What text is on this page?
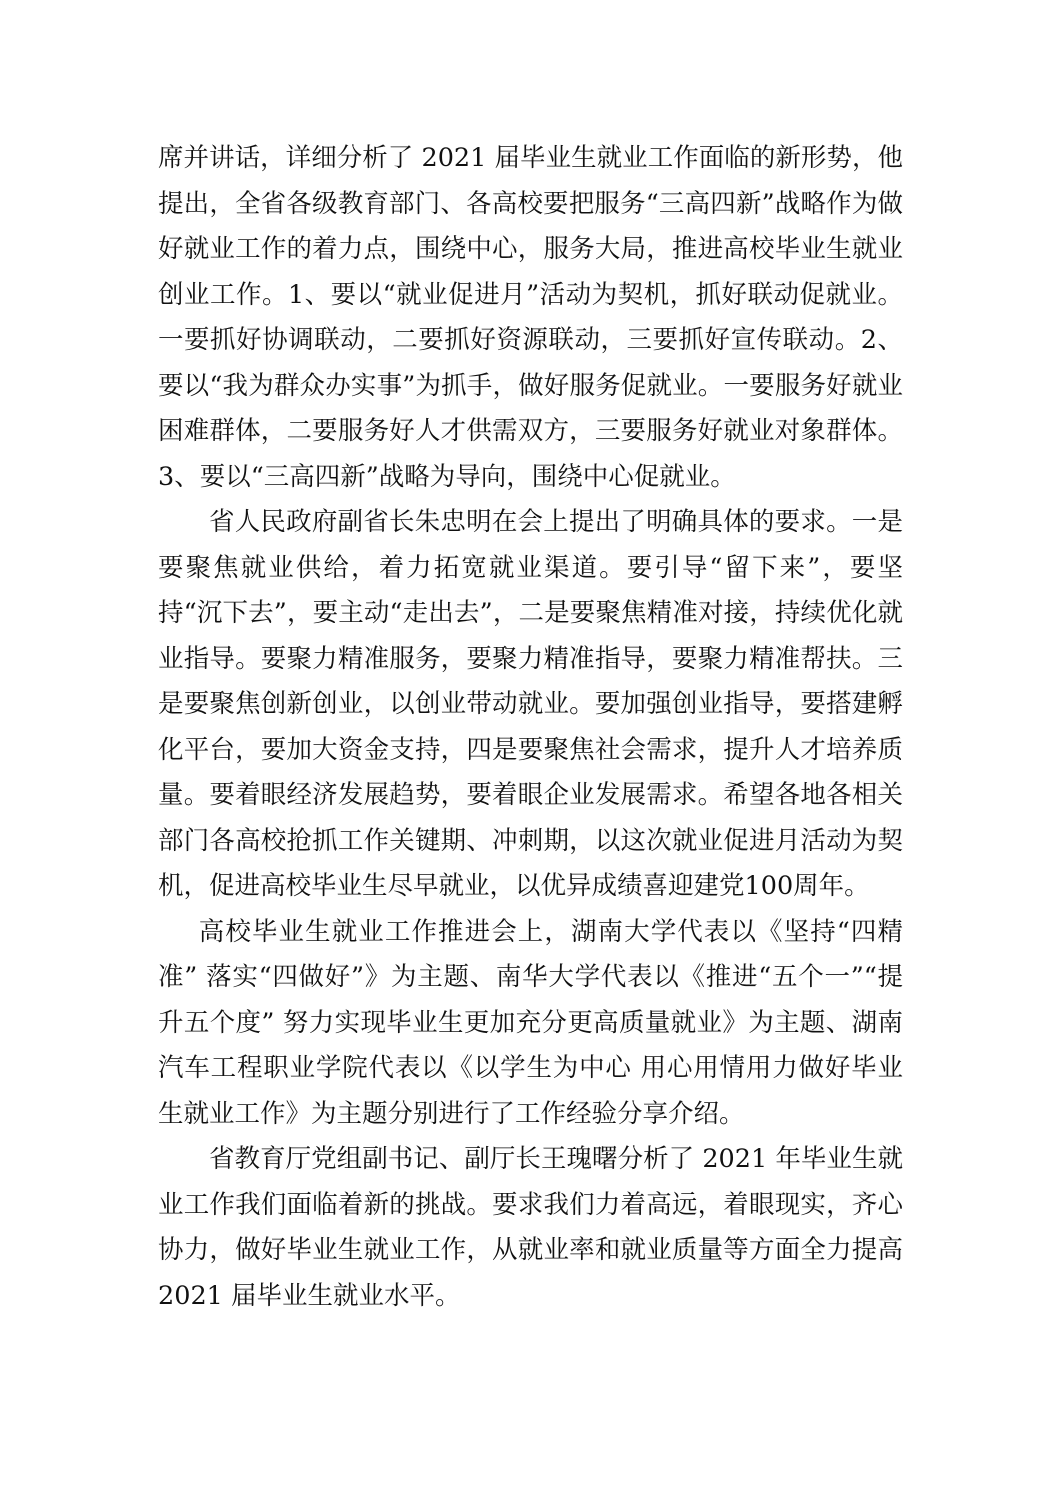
席并讲话，详细分析了 2021 届毕业生就业工作面临的新形势，他提出，全省各级教育部门、各高校要把服务“三高四新”战略作为做好就业工作的着力点，围绕中心，服务大局，推进高校毕业生就业创业工作。1、要以“就业促进月”活动为契机，抓好联动促就业。一要抓好协调联动，二要抓好资源联动，三要抓好宣传联动。2、要以“我为群众办实事”为抓手，做好服务促就业。一要服务好就业困难群体，二要服务好人才供需双方，三要服务好就业对象群体。3、要以“三高四新”战略为导向，围绕中心促就业。

省人民政府副省长朱忠明在会上提出了明确具体的要求。一是要聚焦就业供给，着力拓宽就业渠道。要引导“留下来”，要坚持“沉下去”，要主动“走出去”，二是要聚焦精准对接，持续优化就业指导。要聚力精准服务，要聚力精准指导，要聚力精准帮扶。三是要聚焦创新创业，以创业带动就业。要加强创业指导，要搭建孵化平台，要加大资金支持，四是要聚焦社会需求，提升人才培养质量。要着眼经济发展趋势，要着眼企业发展需求。希望各地各相关部门各高校抢抓工作关键期、冲刺期，以这次就业促进月活动为契机，促进高校毕业生尽早就业，以优异成绩喜迎建党100周年。

高校毕业生就业工作推进会上，湖南大学代表以《坚持“四精准” 落实“四做好”》为主题、南华大学代表以《推进“五个一”“提升五个度” 努力实现毕业生更加充分更高质量就业》为主题、湖南汽车工程职业学院代表以《以学生为中心 用心用情用力做好毕业生就业工作》为主题分别进行了工作经验分享介绍。

省教育厅党组副书记、副厅长王瑰曙分析了 2021 年毕业生就业工作我们面临着新的挑战。要求我们力着高远，着眼现实，齐心协力，做好毕业生就业工作，从就业率和就业质量等方面全力提高2021 届毕业生就业水平。
